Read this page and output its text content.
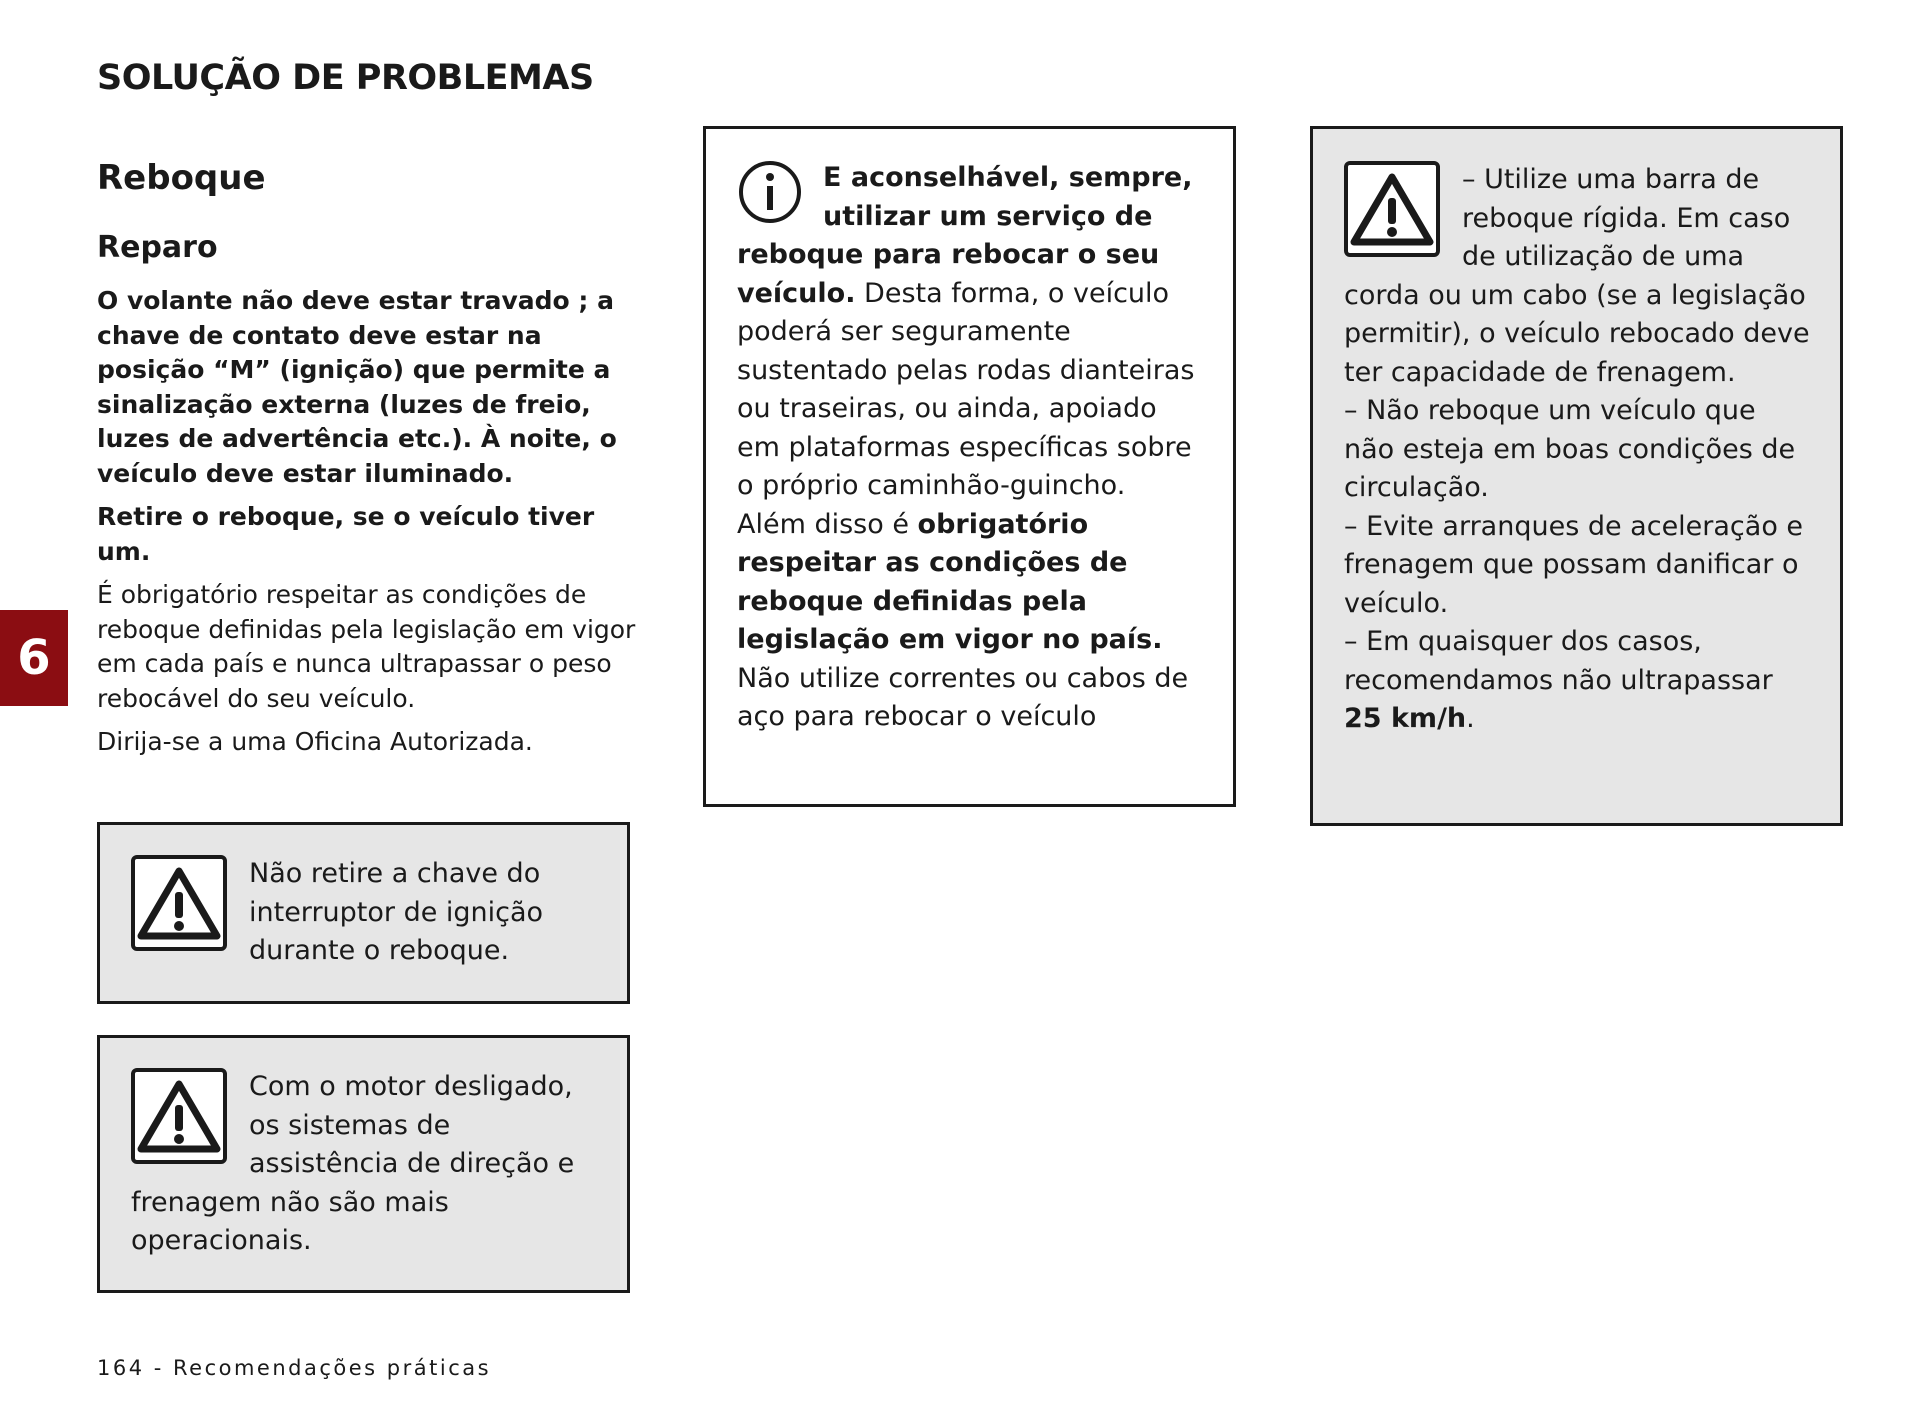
SOLUÇÃO DE PROBLEMAS
Reboque
Reparo

O volante não deve estar travado ; a chave de contato deve estar na posição “M” (ignição) que permite a sinalização externa (luzes de freio, luzes de advertência etc.). À noite, o veículo deve estar iluminado.

Retire o reboque, se o veículo tiver um.

É obrigatório respeitar as condições de reboque definidas pela legislação em vigor em cada país e nunca ultrapassar o peso rebocável do seu veículo.

Dirija-se a uma Oficina Autorizada.

Não retire a chave do interruptor de ignição durante o reboque.

Com o motor desligado, os sistemas de assistência de direção e frenagem não são mais operacionais.

E aconselhável, sempre, utilizar um serviço de reboque para rebocar o seu veículo. Desta forma, o veículo poderá ser seguramente sustentado pelas rodas dianteiras ou traseiras, ou ainda, apoiado em plataformas específicas sobre o próprio caminhão-guincho.

Além disso é obrigatório respeitar as condições de reboque definidas pela legislação em vigor no país.

Não utilize correntes ou cabos de aço para rebocar o veículo

– Utilize uma barra de reboque rígida. Em caso de utilização de uma corda ou um cabo (se a legislação permitir), o veículo rebocado deve ter capacidade de frenagem.

– Não reboque um veículo que não esteja em boas condições de circulação.

– Evite arranques de aceleração e frenagem que possam danificar o veículo.

– Em quaisquer dos casos, recomendamos não ultrapassar 25 km/h.

6
164 - Recomendações práticas
